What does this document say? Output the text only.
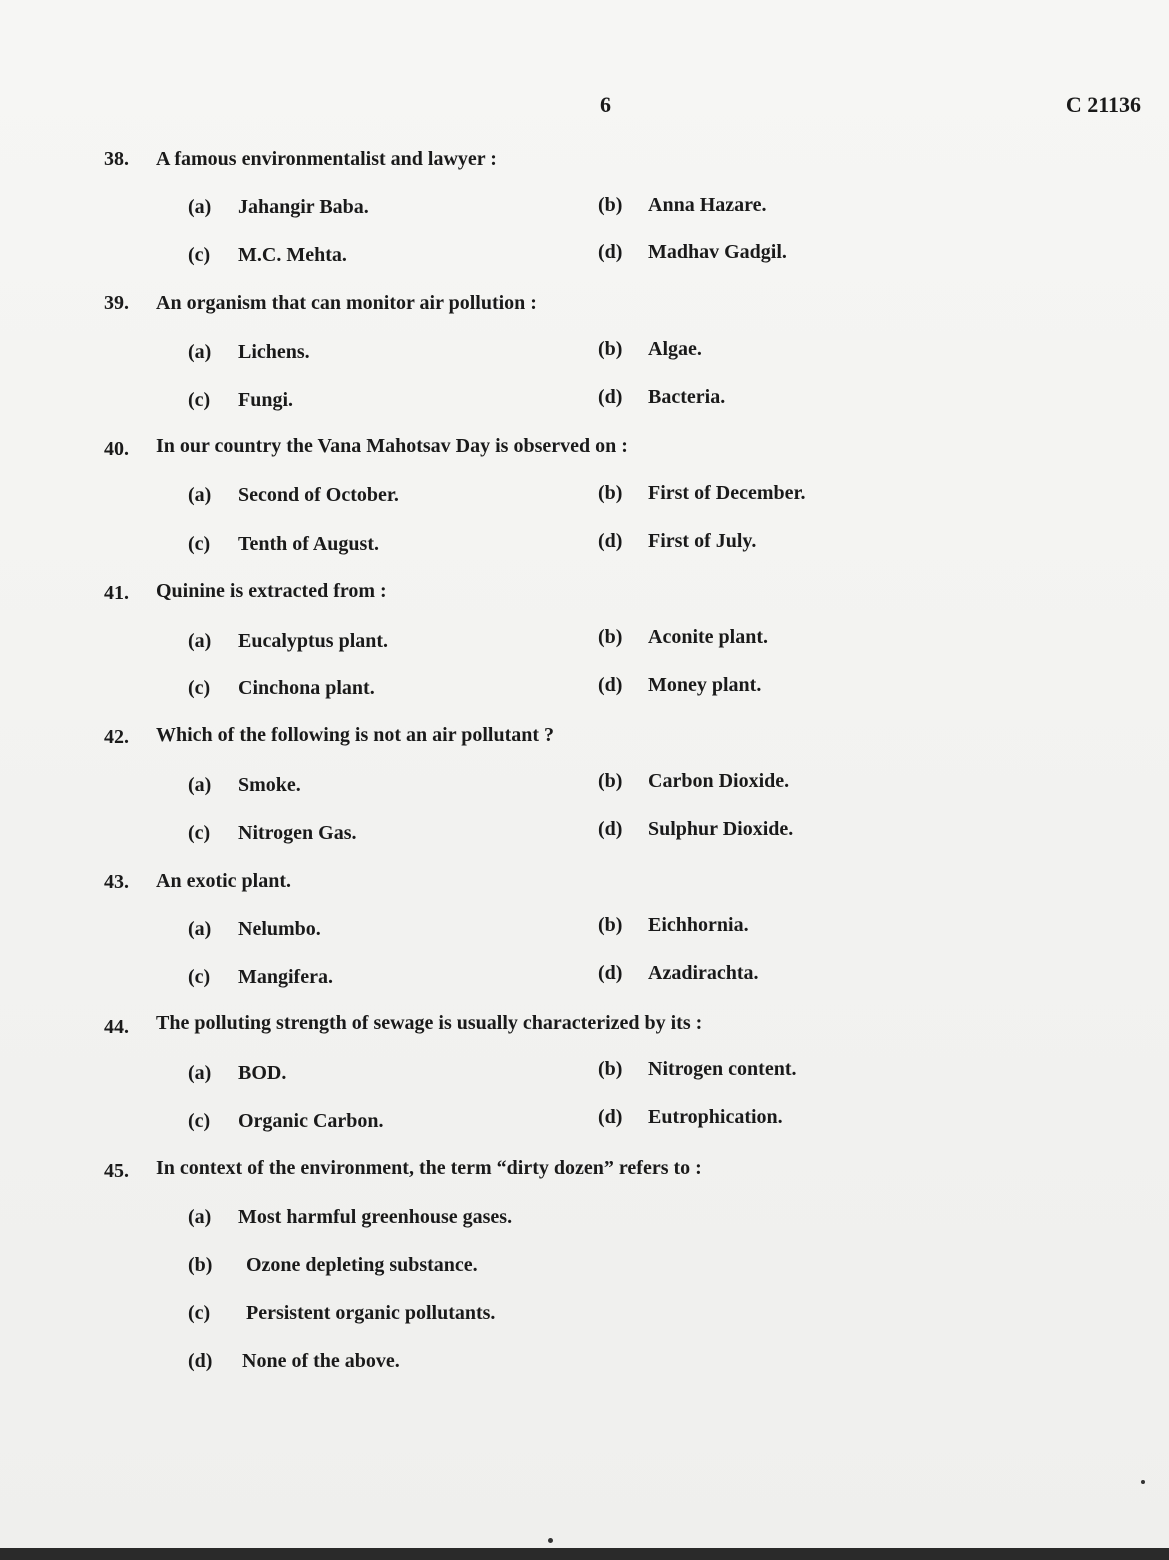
6	C 21136
38. A famous environmentalist and lawyer :
(a) Jahangir Baba.	(b) Anna Hazare.
(c) M.C. Mehta.	(d) Madhav Gadgil.
39. An organism that can monitor air pollution :
(a) Lichens.	(b) Algae.
(c) Fungi.	(d) Bacteria.
40. In our country the Vana Mahotsav Day is observed on :
(a) Second of October.	(b) First of December.
(c) Tenth of August.	(d) First of July.
41. Quinine is extracted from :
(a) Eucalyptus plant.	(b) Aconite plant.
(c) Cinchona plant.	(d) Money plant.
42. Which of the following is not an air pollutant ?
(a) Smoke.	(b) Carbon Dioxide.
(c) Nitrogen Gas.	(d) Sulphur Dioxide.
43. An exotic plant.
(a) Nelumbo.	(b) Eichhornia.
(c) Mangifera.	(d) Azadirachta.
44. The polluting strength of sewage is usually characterized by its :
(a) BOD.	(b) Nitrogen content.
(c) Organic Carbon.	(d) Eutrophication.
45. In context of the environment, the term “dirty dozen” refers to :
(a) Most harmful greenhouse gases.
(b) Ozone depleting substance.
(c) Persistent organic pollutants.
(d) None of the above.
